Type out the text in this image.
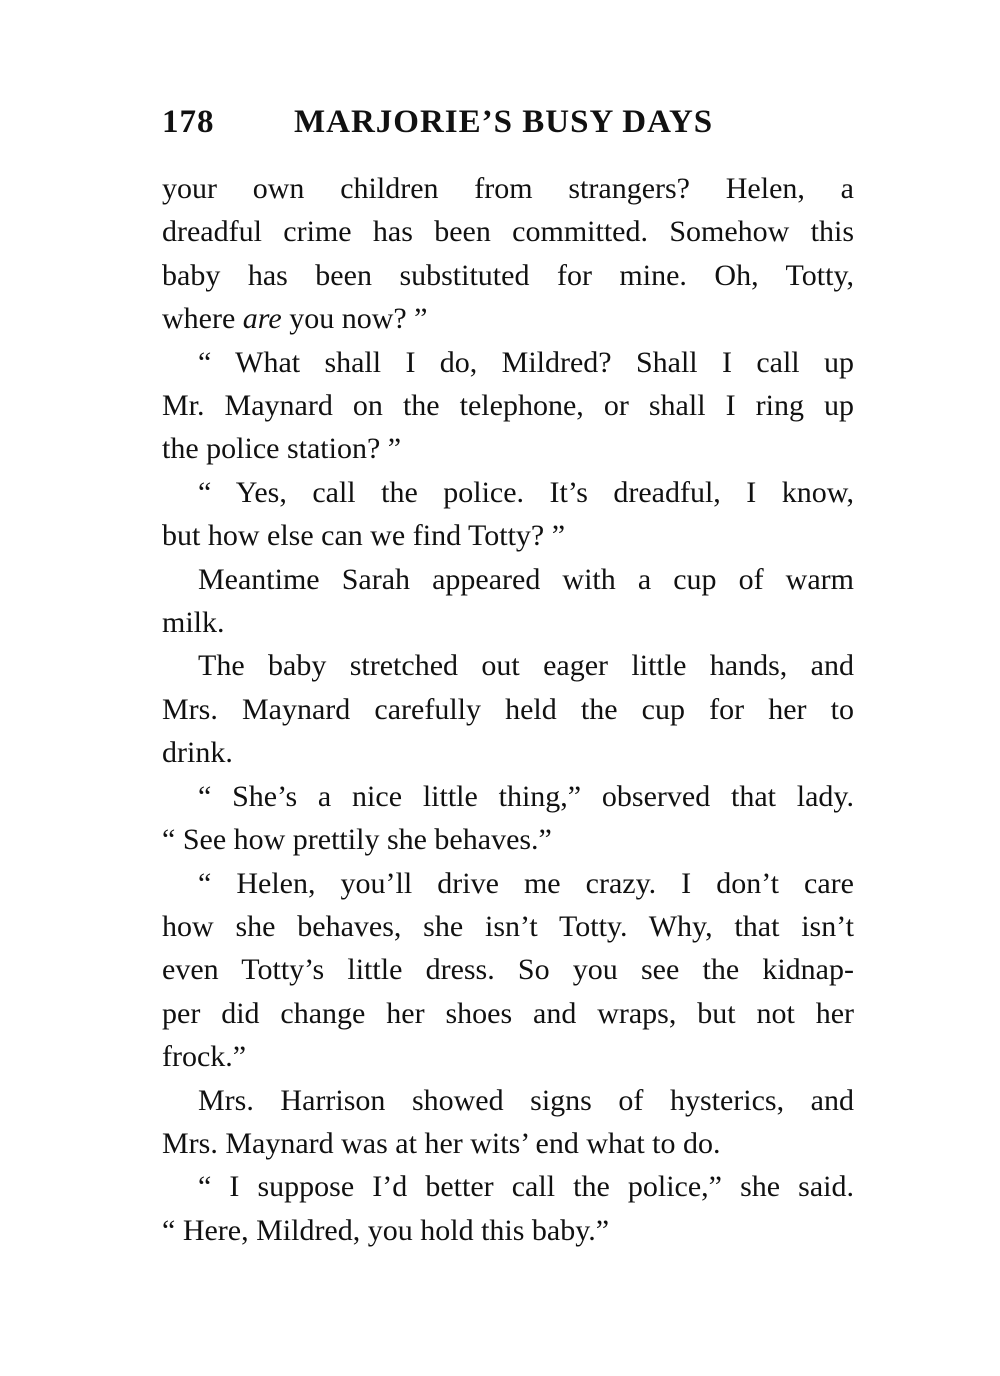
178 MARJORIE’S BUSY DAYS
your own children from strangers? Helen, a
dreadful crime has been committed. Somehow this
baby has been substituted for mine. Oh, Totty,
where are you now? ”
“ What shall I do, Mildred? Shall I call up
Mr. Maynard on the telephone, or shall I ring up
the police station? ”
“ Yes, call the police. It’s dreadful, I know,
but how else can we find Totty? ”
Meantime Sarah appeared with a cup of warm
milk.
The baby stretched out eager little hands, and
Mrs. Maynard carefully held the cup for her to
drink.
“ She’s a nice little thing,” observed that lady.
“ See how prettily she behaves.”
“ Helen, you’ll drive me crazy. I don’t care
how she behaves, she isn’t Totty. Why, that isn’t
even Totty’s little dress. So you see the kidnap-
per did change her shoes and wraps, but not her
frock.”
Mrs. Harrison showed signs of hysterics, and
Mrs. Maynard was at her wits’ end what to do.
“ I suppose I’d better call the police,” she said.
“ Here, Mildred, you hold this baby.”
